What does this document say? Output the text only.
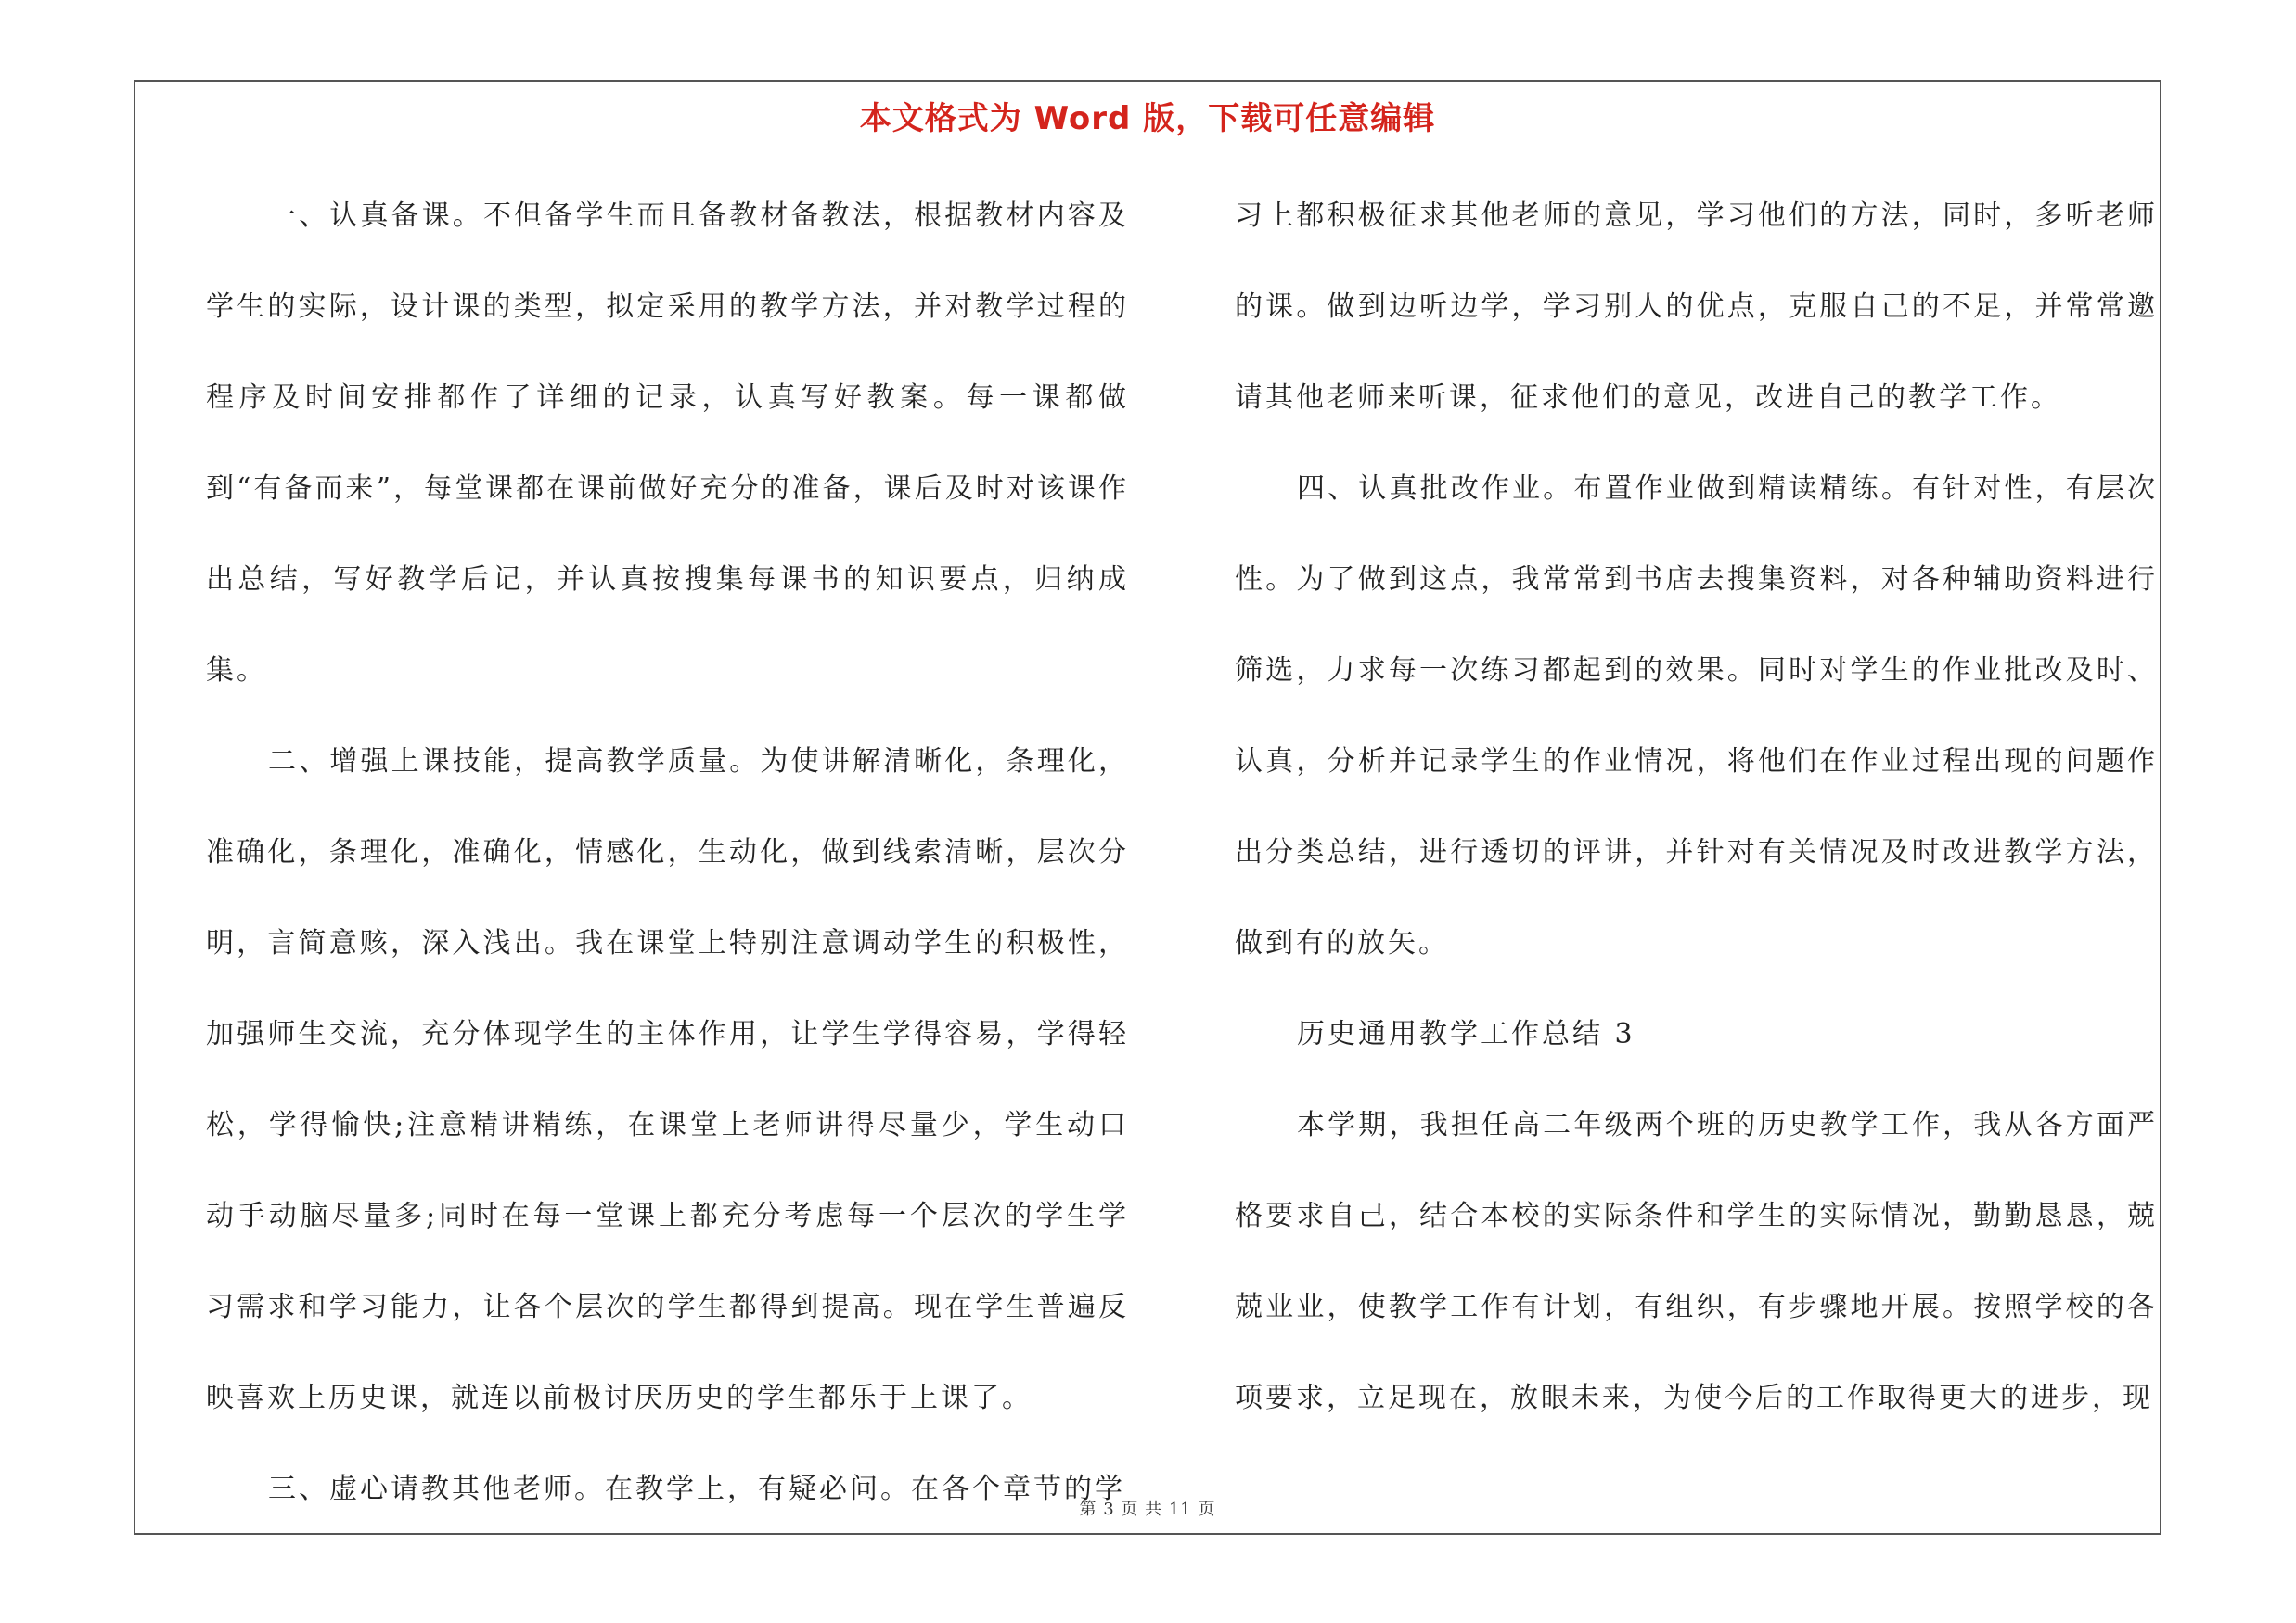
本文格式为 Word 版，下载可任意编辑

一、认真备课。不但备学生而且备教材备教法，根据教材内容及学生的实际，设计课的类型，拟定采用的教学方法，并对教学过程的程序及时间安排都作了详细的记录，认真写好教案。每一课都做到“有备而来”，每堂课都在课前做好充分的准备，课后及时对该课作出总结，写好教学后记，并认真按搜集每课书的知识要点，归纳成集。

二、增强上课技能，提高教学质量。为使讲解清晰化，条理化，准确化，条理化，准确化，情感化，生动化，做到线索清晰，层次分明，言简意赅，深入浅出。我在课堂上特别注意调动学生的积极性，加强师生交流，充分体现学生的主体作用，让学生学得容易，学得轻松，学得愉快;注意精讲精练，在课堂上老师讲得尽量少，学生动口动手动脑尽量多;同时在每一堂课上都充分考虑每一个层次的学生学习需求和学习能力，让各个层次的学生都得到提高。现在学生普遍反映喜欢上历史课，就连以前极讨厌历史的学生都乐于上课了。

三、虚心请教其他老师。在教学上，有疑必问。在各个章节的学

习上都积极征求其他老师的意见，学习他们的方法，同时，多听老师的课。做到边听边学，学习别人的优点，克服自己的不足，并常常邀请其他老师来听课，征求他们的意见，改进自己的教学工作。

四、认真批改作业。布置作业做到精读精练。有针对性，有层次性。为了做到这点，我常常到书店去搜集资料，对各种辅助资料进行筛选，力求每一次练习都起到的效果。同时对学生的作业批改及时、认真，分析并记录学生的作业情况，将他们在作业过程出现的问题作出分类总结，进行透切的评讲，并针对有关情况及时改进教学方法，做到有的放矢。

历史通用教学工作总结 3

本学期，我担任高二年级两个班的历史教学工作，我从各方面严格要求自己，结合本校的实际条件和学生的实际情况，勤勤恳恳，兢兢业业，使教学工作有计划，有组织，有步骤地开展。按照学校的各项要求，立足现在，放眼未来，为使今后的工作取得更大的进步，现

第 3 页 共 11 页
